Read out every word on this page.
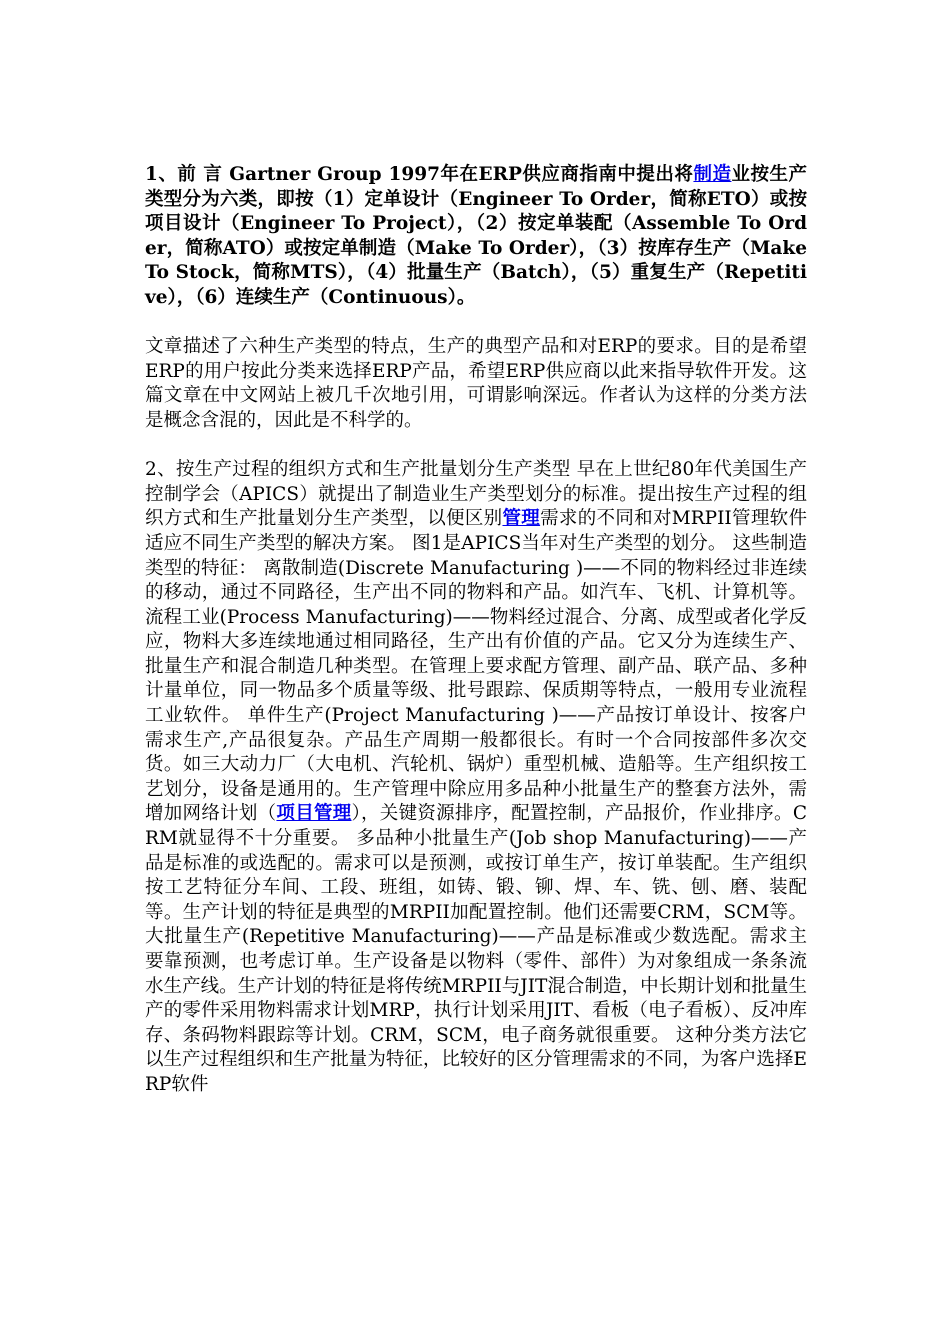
1、前 言 Gartner Group 1997年在ERP供应商指南中提出将制造业按生产类型分为六类，即按（1）定单设计（Engineer To Order，简称ETO）或按项目设计（Engineer To Project），（2）按定单装配（Assemble To Order，简称ATO）或按定单制造（Make To Order），（3）按库存生产（Make To Stock，简称MTS），（4）批量生产（Batch），（5）重复生产（Repetitive），（6）连续生产（Continuous）。

文章描述了六种生产类型的特点，生产的典型产品和对ERP的要求。目的是希望ERP的用户按此分类来选择ERP产品，希望ERP供应商以此来指导软件开发。这篇文章在中文网站上被几千次地引用，可谓影响深远。作者认为这样的分类方法是概念含混的，因此是不科学的。

2、按生产过程的组织方式和生产批量划分生产类型 早在上世纪80年代美国生产控制学会（APICS）就提出了制造业生产类型划分的标准。提出按生产过程的组织方式和生产批量划分生产类型，以便区别管理需求的不同和对MRPII管理软件适应不同生产类型的解决方案。 图1是APICS当年对生产类型的划分。 这些制造类型的特征： 离散制造(Discrete Manufacturing )——不同的物料经过非连续的移动，通过不同路径，生产出不同的物料和产品。如汽车、飞机、计算机等。 流程工业(Process Manufacturing)——物料经过混合、分离、成型或者化学反应，物料大多连续地通过相同路径，生产出有价值的产品。它又分为连续生产、批量生产和混合制造几种类型。在管理上要求配方管理、副产品、联产品、多种计量单位，同一物品多个质量等级、批号跟踪、保质期等特点，一般用专业流程工业软件。 单件生产(Project Manufacturing )——产品按订单设计、按客户需求生产,产品很复杂。产品生产周期一般都很长。有时一个合同按部件多次交货。如三大动力厂（大电机、汽轮机、锅炉）重型机械、造船等。生产组织按工艺划分，设备是通用的。生产管理中除应用多品种小批量生产的整套方法外，需增加网络计划（项目管理），关键资源排序，配置控制，产品报价，作业排序。CRM就显得不十分重要。 多品种小批量生产(Job shop Manufacturing)——产品是标准的或选配的。需求可以是预测，或按订单生产，按订单装配。生产组织按工艺特征分车间、工段、班组，如铸、锻、铆、焊、车、铣、刨、磨、装配等。生产计划的特征是典型的MRPII加配置控制。他们还需要CRM，SCM等。 大批量生产(Repetitive Manufacturing)——产品是标准或少数选配。需求主要靠预测，也考虑订单。生产设备是以物料（零件、部件）为对象组成一条条流水生产线。生产计划的特征是将传统MRPII与JIT混合制造，中长期计划和批量生产的零件采用物料需求计划MRP，执行计划采用JIT、看板（电子看板）、反冲库存、条码物料跟踪等计划。CRM，SCM，电子商务就很重要。 这种分类方法它以生产过程组织和生产批量为特征，比较好的区分管理需求的不同，为客户选择ERP软件
